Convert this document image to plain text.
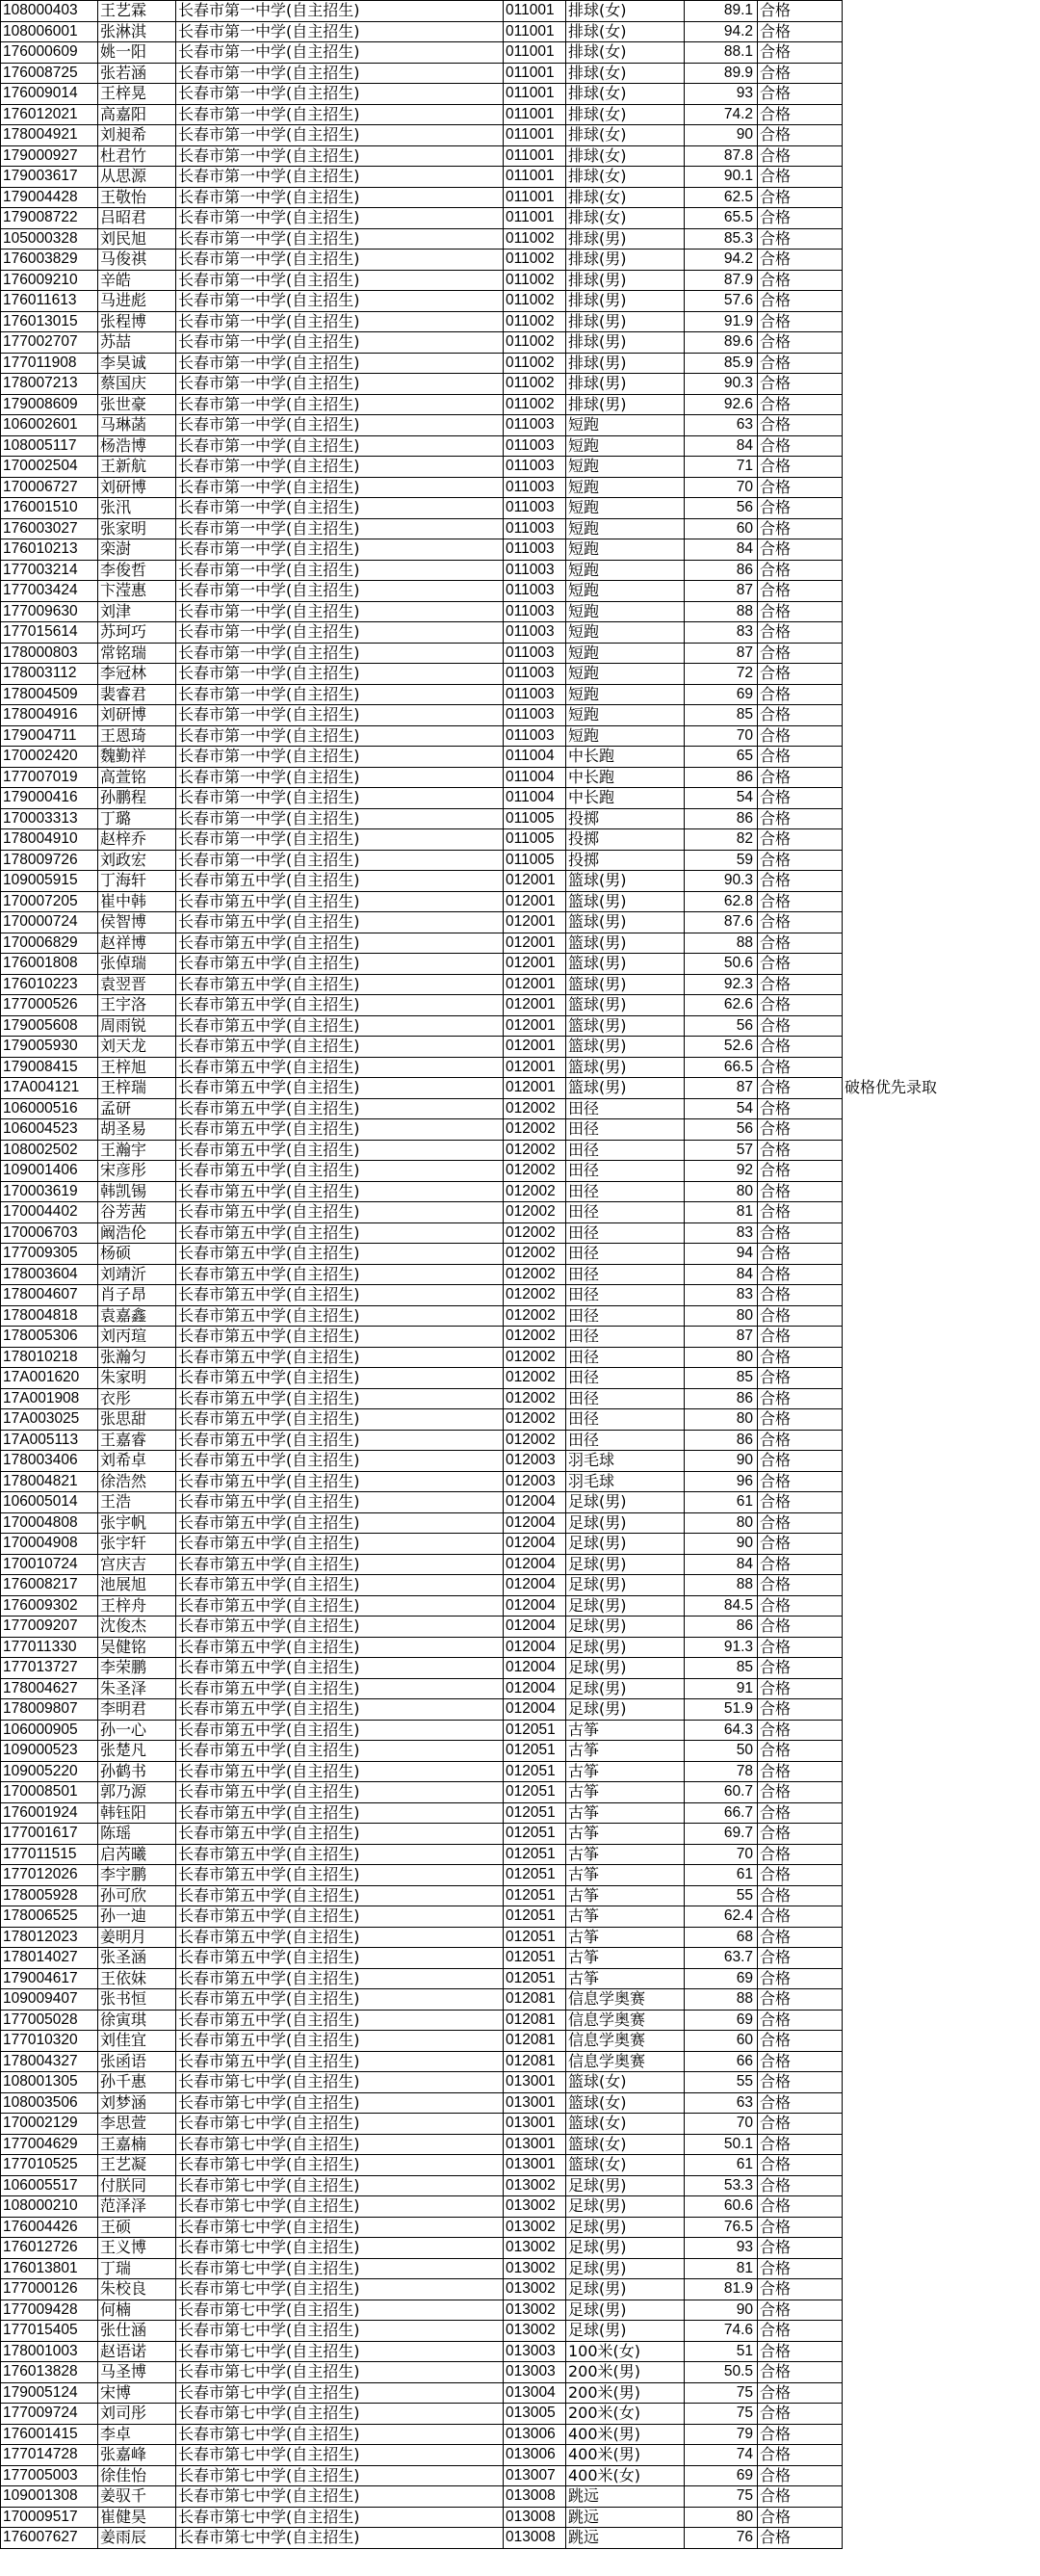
108000403	王艺霖	长春市第一中学(自主招生)	011001	排球(女)	89.1	合格	
108006001	张淋淇	长春市第一中学(自主招生)	011001	排球(女)	94.2	合格	
176000609	姚一阳	长春市第一中学(自主招生)	011001	排球(女)	88.1	合格	
176008725	张若涵	长春市第一中学(自主招生)	011001	排球(女)	89.9	合格	
176009014	王梓晃	长春市第一中学(自主招生)	011001	排球(女)	93	合格	
176012021	高嘉阳	长春市第一中学(自主招生)	011001	排球(女)	74.2	合格	
178004921	刘昶希	长春市第一中学(自主招生)	011001	排球(女)	90	合格	
179000927	杜君竹	长春市第一中学(自主招生)	011001	排球(女)	87.8	合格	
179003617	从思源	长春市第一中学(自主招生)	011001	排球(女)	90.1	合格	
179004428	王敬怡	长春市第一中学(自主招生)	011001	排球(女)	62.5	合格	
179008722	吕昭君	长春市第一中学(自主招生)	011001	排球(女)	65.5	合格	
105000328	刘民旭	长春市第一中学(自主招生)	011002	排球(男)	85.3	合格	
176003829	马俊祺	长春市第一中学(自主招生)	011002	排球(男)	94.2	合格	
176009210	辛皓	长春市第一中学(自主招生)	011002	排球(男)	87.9	合格	
176011613	马进彪	长春市第一中学(自主招生)	011002	排球(男)	57.6	合格	
176013015	张程博	长春市第一中学(自主招生)	011002	排球(男)	91.9	合格	
177002707	苏喆	长春市第一中学(自主招生)	011002	排球(男)	89.6	合格	
177011908	李昊诚	长春市第一中学(自主招生)	011002	排球(男)	85.9	合格	
178007213	蔡国庆	长春市第一中学(自主招生)	011002	排球(男)	90.3	合格	
179008609	张世豪	长春市第一中学(自主招生)	011002	排球(男)	92.6	合格	
106002601	马琳菡	长春市第一中学(自主招生)	011003	短跑	63	合格	
108005117	杨浩博	长春市第一中学(自主招生)	011003	短跑	84	合格	
170002504	王新航	长春市第一中学(自主招生)	011003	短跑	71	合格	
170006727	刘研博	长春市第一中学(自主招生)	011003	短跑	70	合格	
176001510	张汛	长春市第一中学(自主招生)	011003	短跑	56	合格	
176003027	张家明	长春市第一中学(自主招生)	011003	短跑	60	合格	
176010213	栾澍	长春市第一中学(自主招生)	011003	短跑	84	合格	
177003214	李俊哲	长春市第一中学(自主招生)	011003	短跑	86	合格	
177003424	卞滢惠	长春市第一中学(自主招生)	011003	短跑	87	合格	
177009630	刘津	长春市第一中学(自主招生)	011003	短跑	88	合格	
177015614	苏珂巧	长春市第一中学(自主招生)	011003	短跑	83	合格	
178000803	常铭瑞	长春市第一中学(自主招生)	011003	短跑	87	合格	
178003112	李冠林	长春市第一中学(自主招生)	011003	短跑	72	合格	
178004509	裴睿君	长春市第一中学(自主招生)	011003	短跑	69	合格	
178004916	刘研博	长春市第一中学(自主招生)	011003	短跑	85	合格	
179004711	王恩琦	长春市第一中学(自主招生)	011003	短跑	70	合格	
170002420	魏勤祥	长春市第一中学(自主招生)	011004	中长跑	65	合格	
177007019	高萱铭	长春市第一中学(自主招生)	011004	中长跑	86	合格	
179000416	孙鹏程	长春市第一中学(自主招生)	011004	中长跑	54	合格	
170003313	丁璐	长春市第一中学(自主招生)	011005	投掷	86	合格	
178004910	赵梓乔	长春市第一中学(自主招生)	011005	投掷	82	合格	
178009726	刘政宏	长春市第一中学(自主招生)	011005	投掷	59	合格	
109005915	丁海轩	长春市第五中学(自主招生)	012001	篮球(男)	90.3	合格	
170007205	崔中韩	长春市第五中学(自主招生)	012001	篮球(男)	62.8	合格	
170000724	侯智博	长春市第五中学(自主招生)	012001	篮球(男)	87.6	合格	
170006829	赵祥博	长春市第五中学(自主招生)	012001	篮球(男)	88	合格	
176001808	张倬瑞	长春市第五中学(自主招生)	012001	篮球(男)	50.6	合格	
176010223	袁翌晋	长春市第五中学(自主招生)	012001	篮球(男)	92.3	合格	
177000526	王宇洛	长春市第五中学(自主招生)	012001	篮球(男)	62.6	合格	
179005608	周雨锐	长春市第五中学(自主招生)	012001	篮球(男)	56	合格	
179005930	刘天龙	长春市第五中学(自主招生)	012001	篮球(男)	52.6	合格	
179008415	王梓旭	长春市第五中学(自主招生)	012001	篮球(男)	66.5	合格	
17A004121	王梓瑞	长春市第五中学(自主招生)	012001	篮球(男)	87	合格	破格优先录取
106000516	孟研	长春市第五中学(自主招生)	012002	田径	54	合格	
106004523	胡圣易	长春市第五中学(自主招生)	012002	田径	56	合格	
108002502	王瀚宇	长春市第五中学(自主招生)	012002	田径	57	合格	
109001406	宋彦彤	长春市第五中学(自主招生)	012002	田径	92	合格	
170003619	韩凯锡	长春市第五中学(自主招生)	012002	田径	80	合格	
170004402	谷芳茜	长春市第五中学(自主招生)	012002	田径	81	合格	
170006703	阚浩伦	长春市第五中学(自主招生)	012002	田径	83	合格	
177009305	杨硕	长春市第五中学(自主招生)	012002	田径	94	合格	
178003604	刘靖沂	长春市第五中学(自主招生)	012002	田径	84	合格	
178004607	肖子昂	长春市第五中学(自主招生)	012002	田径	83	合格	
178004818	袁嘉鑫	长春市第五中学(自主招生)	012002	田径	80	合格	
178005306	刘丙瑄	长春市第五中学(自主招生)	012002	田径	87	合格	
178010218	张瀚匀	长春市第五中学(自主招生)	012002	田径	80	合格	
17A001620	朱家明	长春市第五中学(自主招生)	012002	田径	85	合格	
17A001908	衣彤	长春市第五中学(自主招生)	012002	田径	86	合格	
17A003025	张思甜	长春市第五中学(自主招生)	012002	田径	80	合格	
17A005113	王嘉睿	长春市第五中学(自主招生)	012002	田径	86	合格	
178003406	刘希卓	长春市第五中学(自主招生)	012003	羽毛球	90	合格	
178004821	徐浩然	长春市第五中学(自主招生)	012003	羽毛球	96	合格	
106005014	王浩	长春市第五中学(自主招生)	012004	足球(男)	61	合格	
170004808	张宇帆	长春市第五中学(自主招生)	012004	足球(男)	80	合格	
170004908	张宇轩	长春市第五中学(自主招生)	012004	足球(男)	90	合格	
170010724	宫庆吉	长春市第五中学(自主招生)	012004	足球(男)	84	合格	
176008217	池展旭	长春市第五中学(自主招生)	012004	足球(男)	88	合格	
176009302	王梓舟	长春市第五中学(自主招生)	012004	足球(男)	84.5	合格	
177009207	沈俊杰	长春市第五中学(自主招生)	012004	足球(男)	86	合格	
177011330	吴健铭	长春市第五中学(自主招生)	012004	足球(男)	91.3	合格	
177013727	李荣鹏	长春市第五中学(自主招生)	012004	足球(男)	85	合格	
178004627	朱圣泽	长春市第五中学(自主招生)	012004	足球(男)	91	合格	
178009807	李明君	长春市第五中学(自主招生)	012004	足球(男)	51.9	合格	
106000905	孙一心	长春市第五中学(自主招生)	012051	古筝	64.3	合格	
109000523	张楚凡	长春市第五中学(自主招生)	012051	古筝	50	合格	
109005220	孙鹤书	长春市第五中学(自主招生)	012051	古筝	78	合格	
170008501	郭乃源	长春市第五中学(自主招生)	012051	古筝	60.7	合格	
176001924	韩钰阳	长春市第五中学(自主招生)	012051	古筝	66.7	合格	
177001617	陈瑶	长春市第五中学(自主招生)	012051	古筝	69.7	合格	
177011515	启芮曦	长春市第五中学(自主招生)	012051	古筝	70	合格	
177012026	李宇鹏	长春市第五中学(自主招生)	012051	古筝	61	合格	
178005928	孙可欣	长春市第五中学(自主招生)	012051	古筝	55	合格	
178006525	孙一迪	长春市第五中学(自主招生)	012051	古筝	62.4	合格	
178012023	姜明月	长春市第五中学(自主招生)	012051	古筝	68	合格	
178014027	张圣涵	长春市第五中学(自主招生)	012051	古筝	63.7	合格	
179004617	王依妹	长春市第五中学(自主招生)	012051	古筝	69	合格	
109009407	张书恒	长春市第五中学(自主招生)	012081	信息学奥赛	88	合格	
177005028	徐寅琪	长春市第五中学(自主招生)	012081	信息学奥赛	69	合格	
177010320	刘佳宜	长春市第五中学(自主招生)	012081	信息学奥赛	60	合格	
178004327	张函语	长春市第五中学(自主招生)	012081	信息学奥赛	66	合格	
108001305	孙千惠	长春市第七中学(自主招生)	013001	篮球(女)	55	合格	
108003506	刘梦涵	长春市第七中学(自主招生)	013001	篮球(女)	63	合格	
170002129	李思萱	长春市第七中学(自主招生)	013001	篮球(女)	70	合格	
177004629	王嘉楠	长春市第七中学(自主招生)	013001	篮球(女)	50.1	合格	
177010525	王艺凝	长春市第七中学(自主招生)	013001	篮球(女)	61	合格	
106005517	付朕同	长春市第七中学(自主招生)	013002	足球(男)	53.3	合格	
108000210	范泽泽	长春市第七中学(自主招生)	013002	足球(男)	60.6	合格	
176004426	王硕	长春市第七中学(自主招生)	013002	足球(男)	76.5	合格	
176012726	王义博	长春市第七中学(自主招生)	013002	足球(男)	93	合格	
176013801	丁瑞	长春市第七中学(自主招生)	013002	足球(男)	81	合格	
177000126	朱校良	长春市第七中学(自主招生)	013002	足球(男)	81.9	合格	
177009428	何楠	长春市第七中学(自主招生)	013002	足球(男)	90	合格	
177015405	张仕涵	长春市第七中学(自主招生)	013002	足球(男)	74.6	合格	
178001003	赵语诺	长春市第七中学(自主招生)	013003	100米(女)	51	合格	
176013828	马圣博	长春市第七中学(自主招生)	013003	200米(男)	50.5	合格	
179005124	宋博	长春市第七中学(自主招生)	013004	200米(男)	75	合格	
177009724	刘司彤	长春市第七中学(自主招生)	013005	200米(女)	75	合格	
176001415	李卓	长春市第七中学(自主招生)	013006	400米(男)	79	合格	
177014728	张嘉峰	长春市第七中学(自主招生)	013006	400米(男)	74	合格	
177005003	徐佳怡	长春市第七中学(自主招生)	013007	400米(女)	69	合格	
109001308	姜驭千	长春市第七中学(自主招生)	013008	跳远	75	合格	
170009517	崔健昊	长春市第七中学(自主招生)	013008	跳远	80	合格	
176007627	姜雨辰	长春市第七中学(自主招生)	013008	跳远	76	合格	
